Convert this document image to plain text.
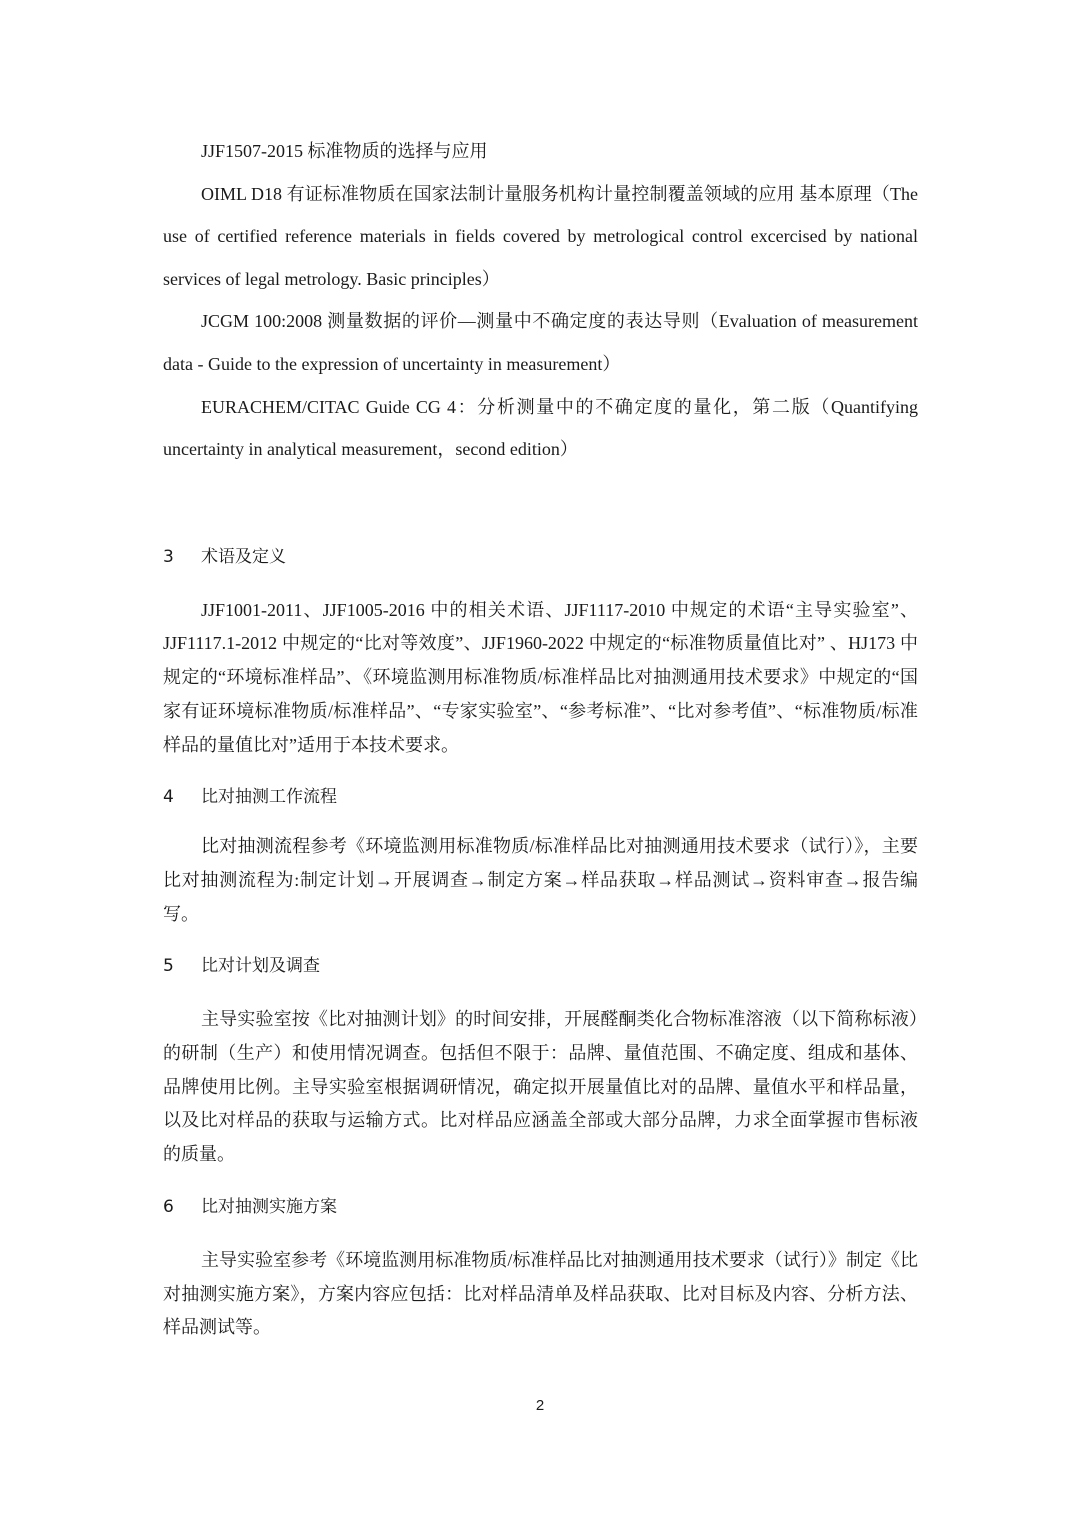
JJF1507-2015 标准物质的选择与应用

OIML D18 有证标准物质在国家法制计量服务机构计量控制覆盖领域的应用 基本原理（The use of certified reference materials in fields covered by metrological control excercised by national services of legal metrology. Basic principles）

JCGM 100:2008 测量数据的评价—测量中不确定度的表达导则（Evaluation of measurement data - Guide to the expression of uncertainty in measurement）

EURACHEM/CITAC Guide CG 4：分析测量中的不确定度的量化，第二版（Quantifying uncertainty in analytical measurement，second edition）

3	术语及定义

JJF1001-2011、JJF1005-2016 中的相关术语、JJF1117-2010 中规定的术语“主导实验室”、JJF1117.1-2012 中规定的“比对等效度”、JJF1960-2022 中规定的“标准物质量值比对” 、HJ173 中规定的“环境标准样品”、《环境监测用标准物质/标准样品比对抽测通用技术要求》中规定的“国家有证环境标准物质/标准样品”、“专家实验室”、“参考标准”、“比对参考值”、“标准物质/标准样品的量值比对”适用于本技术要求。

4	比对抽测工作流程

比对抽测流程参考《环境监测用标准物质/标准样品比对抽测通用技术要求（试行）》，主要比对抽测流程为:制定计划→开展调查→制定方案→样品获取→样品测试→资料审查→报告编写。

5	比对计划及调查

主导实验室按《比对抽测计划》的时间安排，开展醛酮类化合物标准溶液（以下简称标液）的研制（生产）和使用情况调查。包括但不限于：品牌、量值范围、不确定度、组成和基体、品牌使用比例。主导实验室根据调研情况，确定拟开展量值比对的品牌、量值水平和样品量，以及比对样品的获取与运输方式。比对样品应涵盖全部或大部分品牌，力求全面掌握市售标液的质量。

6	比对抽测实施方案

主导实验室参考《环境监测用标准物质/标准样品比对抽测通用技术要求（试行）》制定《比对抽测实施方案》，方案内容应包括：比对样品清单及样品获取、比对目标及内容、分析方法、样品测试等。

2
